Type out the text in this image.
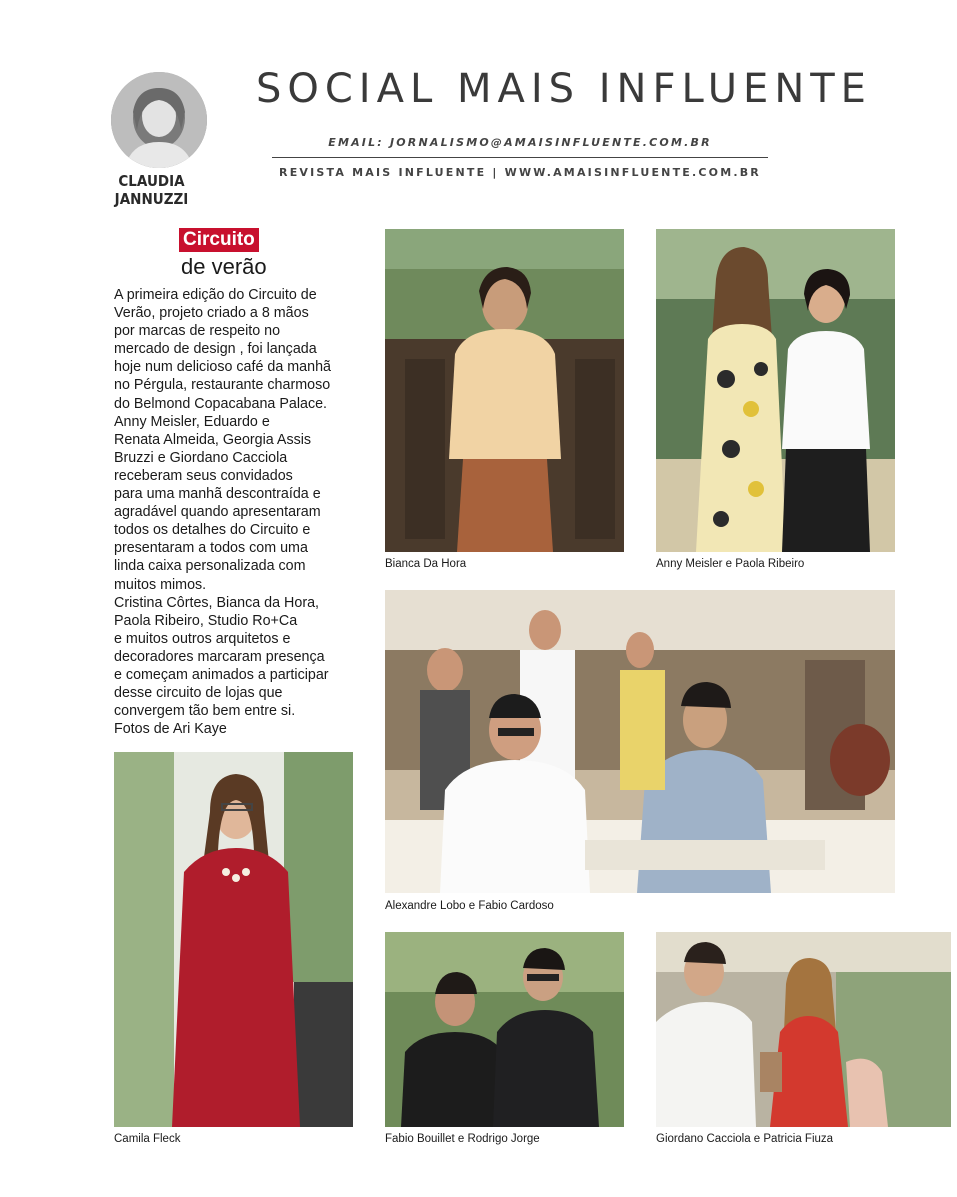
CLAUDIA JANNUZZI
SOCIAL MAIS INFLUENTE
EMAIL: JORNALISMO@AMAISINFLUENTE.COM.BR
REVISTA MAIS INFLUENTE | WWW.AMAISINFLUENTE.COM.BR
Circuito
de verão
A primeira edição do Circuito de
Verão, projeto criado a 8 mãos
por marcas de respeito no
mercado de design , foi lançada
hoje num delicioso café da manhã
no Pérgula, restaurante charmoso
do Belmond Copacabana Palace.
Anny Meisler, Eduardo e
Renata Almeida, Georgia Assis
Bruzzi e Giordano Cacciola
receberam seus convidados
para uma manhã descontraída e
agradável quando apresentaram
todos os detalhes do Circuito e
presentaram a todos com uma
linda caixa personalizada com
muitos mimos.
Cristina Côrtes, Bianca da Hora,
Paola Ribeiro, Studio Ro+Ca
e muitos outros arquitetos e
decoradores marcaram presença
e começam animados a participar
desse circuito de lojas que
convergem tão bem entre si.
Fotos de Ari Kaye
Bianca Da Hora	Anny Meisler e Paola Ribeiro
Alexandre Lobo e Fabio Cardoso
Camila Fleck	Fabio Bouillet e Rodrigo Jorge	Giordano Cacciola e Patricia Fiuza
